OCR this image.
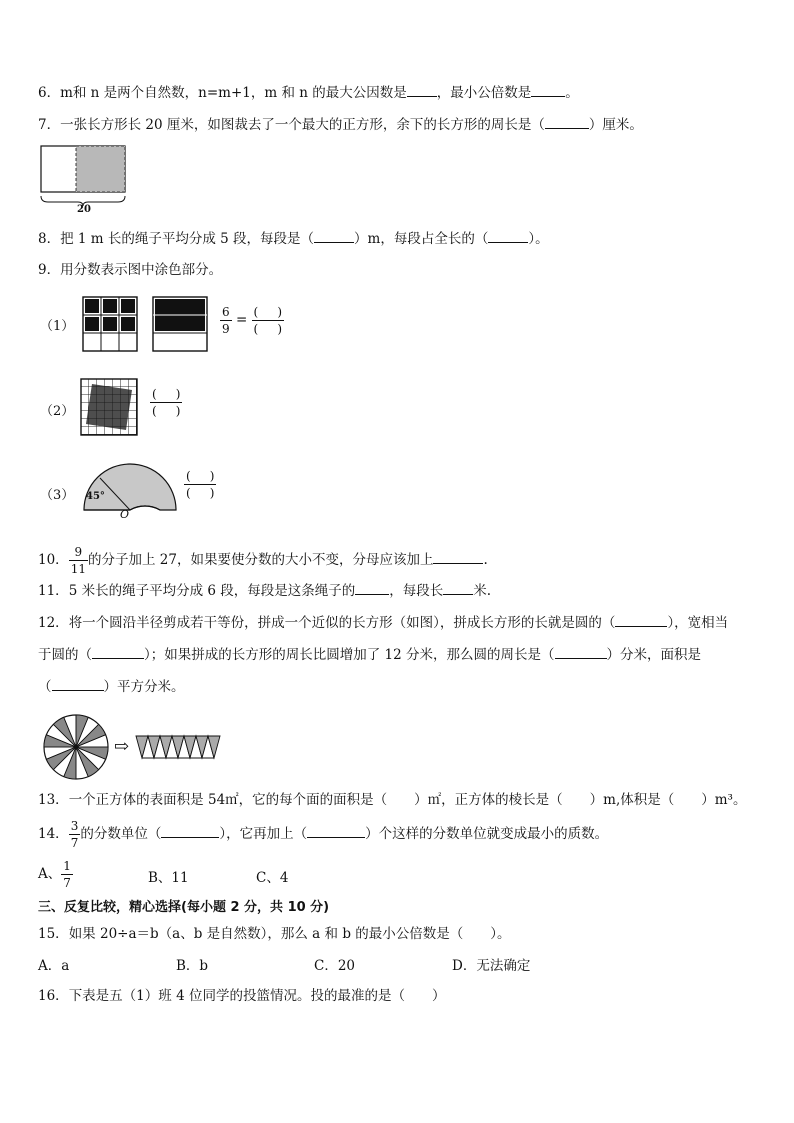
6．m和 n 是两个自然数，n=m+1，m 和 n 的最大公因数是 ，最小公倍数是	。
7．一张长方形长 20 厘米，如图裁去了一个最大的正方形，余下的长方形的周长是（	）厘米。
20
8．把 1 m 长的绳子平均分成 5 段，每段是（	）m，每段占全长的（	）。
9．用分数表示图中涂色部分。
（1）	$\frac{6}{9} = \frac{( )}{( )}$
（2）	$\frac{( )}{( )}$
（3） 45°
O
$\frac{( )}{( )}$
10． $\frac{9}{11}$ 的分子加上 27，如果要使分数的大小不变，分母应该加上	.
11．5 米长的绳子平均分成 6 段，每段是这条绳子的	，每段长 米.
12．将一个圆沿半径剪成若干等份，拼成一个近似的长方形（如图），拼成长方形的长就是圆的（	），宽相当
于圆的（	）；如果拼成的长方形的周长比圆增加了 12 分米，那么圆的周长是（	）分米，面积是
（	）平方分米。
⇨
13．一个正方体的表面积是 54㎡，它的每个面的面积是（　　）㎡，正方体的棱长是（　　）m,体积是（　　）m³。
14． $\frac{3}{7}$ 的分数单位（	），它再加上（	）个这样的分数单位就变成最小的质数。
A、 $\frac{1}{7}$	B、11	C、4
三、反复比较，精心选择(每小题 2 分，共 10 分)
15．如果 20÷a＝b（a、b 是自然数），那么 a 和 b 的最小公倍数是（　　）。
A．a	B．b	C．20	D．无法确定
16．下表是五（1）班 4 位同学的投篮情况。投的最准的是（　　）
